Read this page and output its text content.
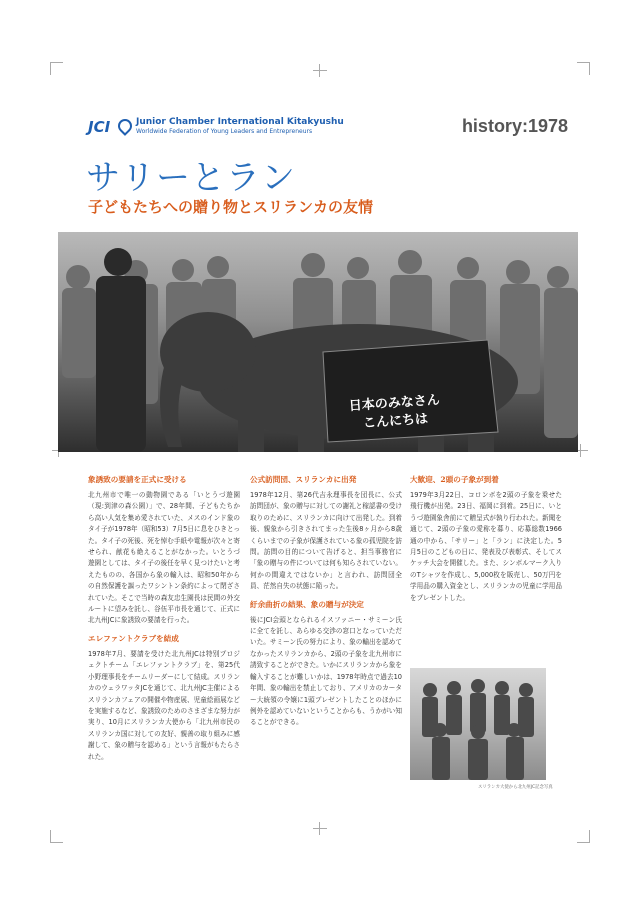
JCI	Junior Chamber International Kitakyushu
Worldwide Federation of Young Leaders and Entrepreneurs	history:1978
サリーとラン
子どもたちへの贈り物とスリランカの友情
日本のみなさん
こんにちは
象誘致の要請を正式に受ける

北九州市で唯一の動物園である「いとうづ遊園（現:到津の森公園）」で、28年間、子どもたちから高い人気を集め愛されていた、メスのインド象のタイ子が1978年（昭和53）7月5日に息をひきとった。タイ子の死後、死を悼む手紙や電報が次々と寄せられ、献花も絶えることがなかった。いとうづ遊園としては、タイ子の後任を早く見つけたいと考えたものの、各国から象の輸入は、昭和50年からの自然保護を謳ったワシントン条約によって閉ざされていた。そこで当時の森友忠生園長は民間の外交ルートに望みを託し、谷伍平市長を通じて、正式に北九州JCに象誘致の要請を行った。

エレファントクラブを結成

1978年7月、要請を受けた北九州JCは特別プロジェクトチーム「エレファントクラブ」を、第25代小野理事長をチームリーダーにして結成。スリランカのウェラワッタJCを通じて、北九州JC主催によるスリランカフェアの開催や物産展、児童絵画展などを実施するなど、象誘致のためのさまざまな努力が実り、10月にスリランカ大使から「北九州市民のスリランカ国に対しての友好、親善の取り組みに感謝して、象の贈与を認める」という言報がもたらされた。

公式訪問団、スリランカに出発

1978年12月、第26代吉永理事長を団長に、公式訪問団が、象の贈与に対しての謝礼と稼認書の受け取りのために、スリランカに向けて出発した。到着後、親象から引きされてまった生後8ヶ月から8歳くらいまでの子象が保護されている象の孤児院を訪問。訪問の目的について告げると、担当事務官に「象の贈与の件については何も知らされていない。何かの間違えではないか」と言われ、訪問団全員、茫然自失の状態に陥った。

紆余曲折の結果、象の贈与が決定

後にJCI会頭となられるイスファニー・サミーン氏に全てを託し、あらゆる交渉の窓口となっていただいた。サミーン氏の努力により、象の輸出を認めてなかったスリランカから、2頭の子象を北九州市に誘致することができた。いかにスリランカから象を輸入することが難しいかは、1978年時点で過去10年間、象の輸出を禁止しており、アメリカのカーター大統領の令嬢に1頭プレゼントしたことのほかに例外を認めていないということからも、うかがい知ることができる。

大歓迎、2頭の子象が到着

1979年3月22日、コロンボを2頭の子象を乗せた飛行機が出発。23日、福岡に到着。25日に、いとうづ遊園象舎前にて贈呈式が執り行われた。新聞を通じて、2頭の子象の愛称を募り、応募総数1966通の中から、「サリー」と「ラン」に決定した。5月5日のこどもの日に、発表及び表彰式、そしてスケッチ大会を開催した。また、シンボルマーク入りのTシャツを作成し、5,000枚を販売し、50万円を学用品の購入資金とし、スリランカの児童に学用品をプレゼントした。

スリランカ大使から北九州JC記念写真
